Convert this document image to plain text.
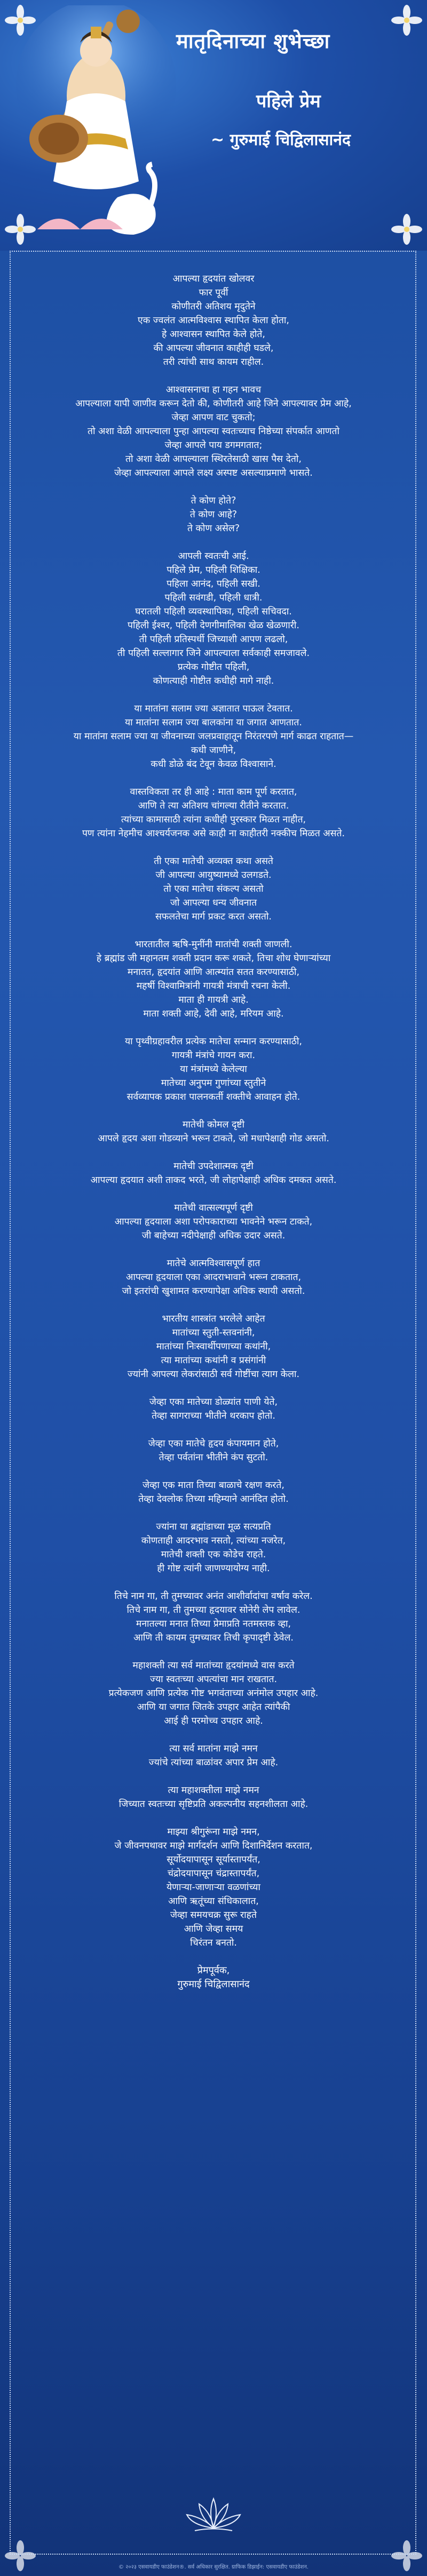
मातृदिनाच्या शुभेच्छा
पहिले प्रेम
~ गुरुमाई चिद्विलासानंद
आपल्या हृदयांत खोलवर
फार पूर्वी
कोणीतरी अतिशय मृदुतेने
एक ज्वलंत आत्मविश्वास स्थापित केला होता,
हे आश्वासन स्थापित केले होते,
की आपल्या जीवनात काहीही घडले,
तरी त्यांची साथ कायम राहील.
आश्वासनाचा हा गहन भावच
आपल्याला यापी जाणीव करून देतो की, कोणीतरी आहे जिने आपल्यावर प्रेम आहे,
जेव्हा आपण वाट चुकतो;
तो अशा वेळी आपल्याला पुन्हा आपल्या स्वतःच्याच निष्ठेच्या संपर्कात आणतो
जेव्हा आपले पाय डगमगतात;
तो अशा वेळी आपल्याला स्थिरतेसाठी खास पैस देतो,
जेव्हा आपल्याला आपले लक्ष्य अस्पष्ट असल्याप्रमाणे भासते.
ते कोण होते?
ते कोण आहे?
ते कोण असेल?
आपली स्वतःची आई.
पहिले प्रेम, पहिली शिक्षिका.
पहिला आनंद, पहिली सखी.
पहिली सवंगडी, पहिली धात्री.
घरातली पहिली व्यवस्थापिका, पहिली सचिवदा.
पहिली ईश्वर, पहिली देणगीमालिका खेळ खेळणारी.
ती पहिली प्रतिस्पर्धी जिच्याशी आपण लढलो,
ती पहिली सल्लागार जिने आपल्याला सर्वकाही समजावले.
प्रत्येक गोष्टीत पहिली,
कोणत्याही गोष्टीत कधीही मागे नाही.
या मातांना सलाम ज्या अज्ञातात पाऊल टेवतात.
या मातांना सलाम ज्या बालकांना या जगात आणतात.
या मातांना सलाम ज्या या जीवनाच्या जलप्रवाहातून निरंतरपणे मार्ग काढत राहतात—
कधी जाणीने,
कधी डोळे बंद टेवून केवळ विश्वासाने.
वास्तविकता तर ही आहे : माता काम पूर्ण करतात,
आणि ते त्या अतिशय चांगल्या रीतीने करतात.
त्यांच्या कामासाठी त्यांना कधीही पुरस्कार मिळत नाहीत,
पण त्यांना नेहमीच आश्चर्यजनक असे काही ना काहीतरी नक्कीच मिळत असते.
ती एका मातेची अव्यक्त कथा असते
जी आपल्या आयुष्यामध्ये उलगडते.
तो एका मातेचा संकल्प असतो
जो आपल्या धन्य जीवनात
सफलतेचा मार्ग प्रकट करत असतो.
भारतातील ऋषि-मुनींनी मातांची शक्ती जाणली.
हे ब्रह्मांड जी महानतम शक्ती प्रदान करू शकते, तिचा शोध घेणाऱ्यांच्या
मनातत, हृदयांत आणि आत्म्यांत सतत करण्यासाठी,
महर्षी विश्वामित्रांनी गायत्री मंत्राची रचना केली.
माता ही गायत्री आहे.
माता शक्ती आहे, देवी आहे, मरियम आहे.
या पृथ्वीग्रहावरील प्रत्येक मातेचा सन्मान करण्यासाठी,
गायत्री मंत्रांचे गायन करा.
या मंत्रांमध्ये केलेल्या
मातेच्या अनुपम गुणांच्या स्तुतीने
सर्वव्यापक प्रकाश पालनकर्ती शक्तीचे आवाहन होते.
मातेची कोमल दृष्टी
आपले हृदय अशा गोडव्याने भरून टाकते, जो मधापेक्षाही गोड असतो.
मातेची उपदेशात्मक दृष्टी
आपल्या हृदयात अशी ताकद भरते, जी लोहापेक्षाही अधिक दमकत असते.
मातेची वात्सल्यपूर्ण दृष्टी
आपल्या हृदयाला अशा परोपकाराच्या भावनेने भरून टाकते,
जी बाहेच्या नदीपेक्षाही अधिक उदार असते.
मातेचे आत्मविश्वासपूर्ण हात
आपल्या हृदयाला एका आदराभावाने भरून टाकतात,
जो इतरांची खुशामत करण्यापेक्षा अधिक स्थायी असतो.
भारतीय शास्त्रांत भरलेले आहेत
मातांच्या स्तुती-स्तवनांनी,
मातांच्या निःस्वार्थीपणाच्या कथांनी,
त्या मातांच्या कथांनी व प्रसंगांनी
ज्यांनी आपल्या लेकरांसाठी सर्व गोष्टींचा त्याग केला.
जेव्हा एका मातेच्या डोळ्यांत पाणी येते,
तेव्हा सागराच्या भीतीने थरकाप होतो.
जेव्हा एका मातेचे हृदय कंपायमान होते,
तेव्हा पर्वतांना भीतीने कंप सुटतो.
जेव्हा एक माता तिच्या बाळाचे रक्षण करते,
तेव्हा देवलोक तिच्या महिम्याने आनंदित होतो.
ज्यांना या ब्रह्मांडाच्या मूळ सत्यप्रति
कोणताही आदरभाव नसतो, त्यांच्या नजरेत,
मातेची शक्ती एक कोडेच राहते.
ही गोष्ट त्यांनी जाणण्यायोग्य नाही.
तिचे नाम गा, ती तुमच्यावर अनंत आशीर्वादांचा वर्षाव करेल.
तिचे नाम गा, ती तुमच्या हृदयावर सोनेरी लेप लावेल.
मनातल्या मनात तिच्या प्रेमाप्रति नतमस्तक व्हा,
आणि ती कायम तुमच्यावर तिची कृपादृष्टी ठेवेल.
महाशक्ती त्या सर्व मातांच्या हृदयांमध्ये वास करते
ज्या स्वतःच्या अपत्यांचा मान राखतात.
प्रत्येकजण आणि प्रत्येक गोष्ट भगवंताच्या अनंमोल उपहार आहे.
आणि या जगात जितके उपहार आहेत त्यांपैकी
आई ही परमोच्च उपहार आहे.
त्या सर्व मातांना माझे नमन
ज्यांचे त्यांच्या बाळांवर अपार प्रेम आहे.
त्या महाशक्तीला माझे नमन
जिच्यात स्वतःच्या सृष्टिप्रति अकल्पनीय सहनशीलता आहे.
माझ्या श्रीगुरूंना माझे नमन,
जे जीवनपथावर माझे मार्गदर्शन आणि दिशानिर्देशन करतात,
सूर्योदयापासून सूर्यास्तापर्यंत,
चंद्रोदयापासून चंद्रास्तापर्यंत,
येणाऱ्या-जाणाऱ्या वळणांच्या
आणि ऋतूंच्या संधिकालात,
जेव्हा समयचक्र सुरू राहते
आणि जेव्हा समय
चिरंतन बनतो.
प्रेमपूर्वक,
गुरुमाई चिद्विलासानंद
© २०२३ एसवायडीए फाउंडेशन®. सर्व अधिकार सुरक्षित. ग्राफिक डिझाईन: एसवायडीए फाउंडेशन.
